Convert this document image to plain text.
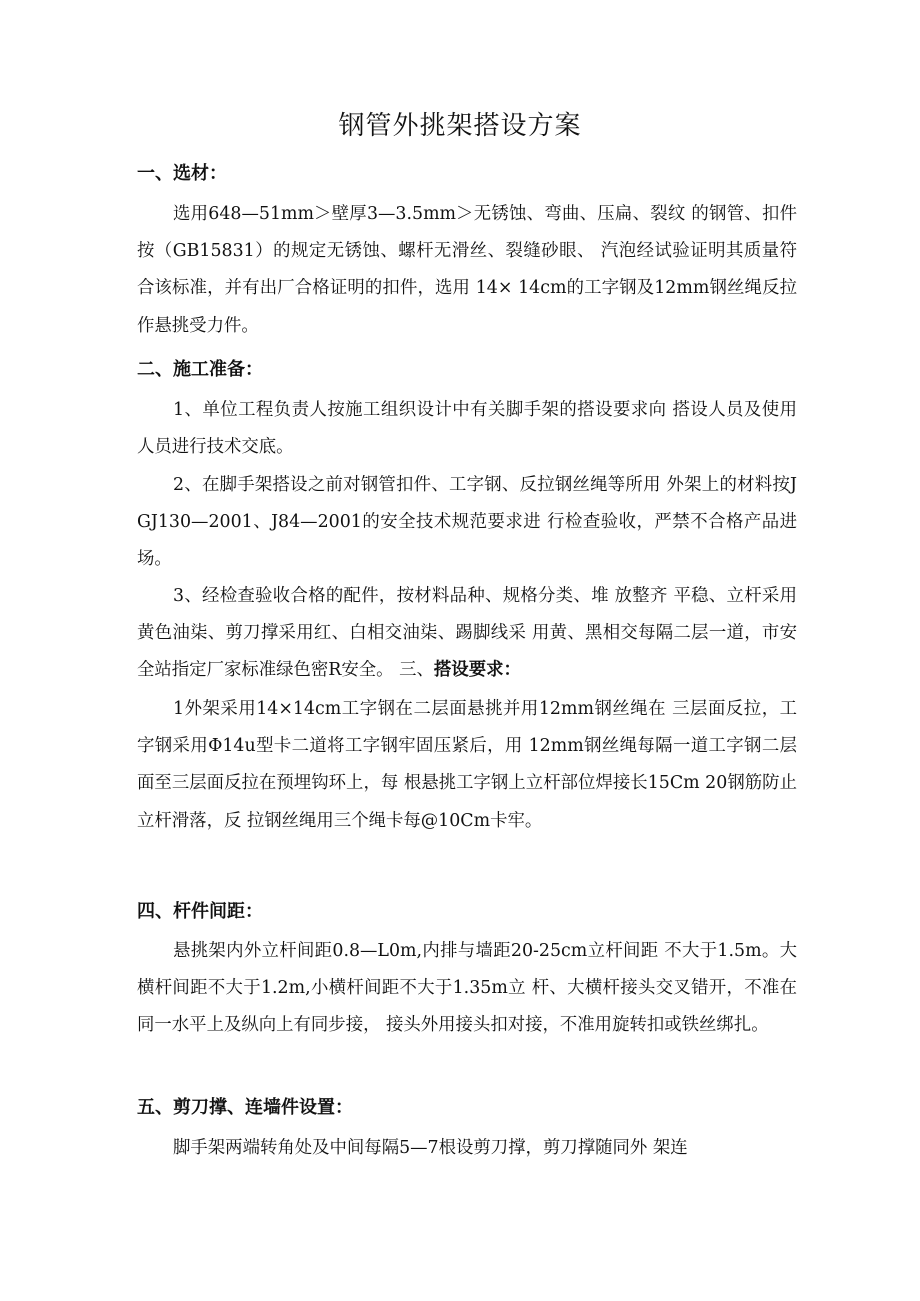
钢管外挑架搭设方案
一、选材：

选用648—51mm＞壁厚3—3.5mm＞无锈蚀、弯曲、压扁、裂纹 的钢管、扣件按（GB15831）的规定无锈蚀、螺杆无滑丝、裂缝砂眼、 汽泡经试验证明其质量符合该标准，并有出厂合格证明的扣件，选用 14× 14cm的工字钢及12mm钢丝绳反拉作悬挑受力件。

二、施工准备：

1、单位工程负责人按施工组织设计中有关脚手架的搭设要求向 搭设人员及使用人员进行技术交底。

2、在脚手架搭设之前对钢管扣件、工字钢、反拉钢丝绳等所用 外架上的材料按JGJ130—2001、J84—2001的安全技术规范要求进 行检查验收，严禁不合格产品进场。

3、经检查验收合格的配件，按材料品种、规格分类、堆 放整齐 平稳、立杆采用黄色油柒、剪刀撑采用红、白相交油柒、踢脚线采 用黄、黑相交每隔二层一道，市安全站指定厂家标准绿色密R安全。 三、搭设要求：

1外架采用14×14cm工字钢在二层面悬挑并用12mm钢丝绳在 三层面反拉，工字钢采用Φ14u型卡二道将工字钢牢固压紧后，用 12mm钢丝绳每隔一道工字钢二层面至三层面反拉在预埋钩环上，每 根悬挑工字钢上立杆部位焊接长15Cm 20钢筋防止立杆滑落，反 拉钢丝绳用三个绳卡每@10Cm卡牢。

四、杆件间距：

悬挑架内外立杆间距0.8—L0m,内排与墙距20-25cm立杆间距 不大于1.5m。大横杆间距不大于1.2m,小横杆间距不大于1.35m立 杆、大横杆接头交叉错开，不准在同一水平上及纵向上有同步接， 接头外用接头扣对接，不准用旋转扣或铁丝绑扎。

五、剪刀撑、连墙件设置：

脚手架两端转角处及中间每隔5—7根设剪刀撑，剪刀撑随同外 架连
